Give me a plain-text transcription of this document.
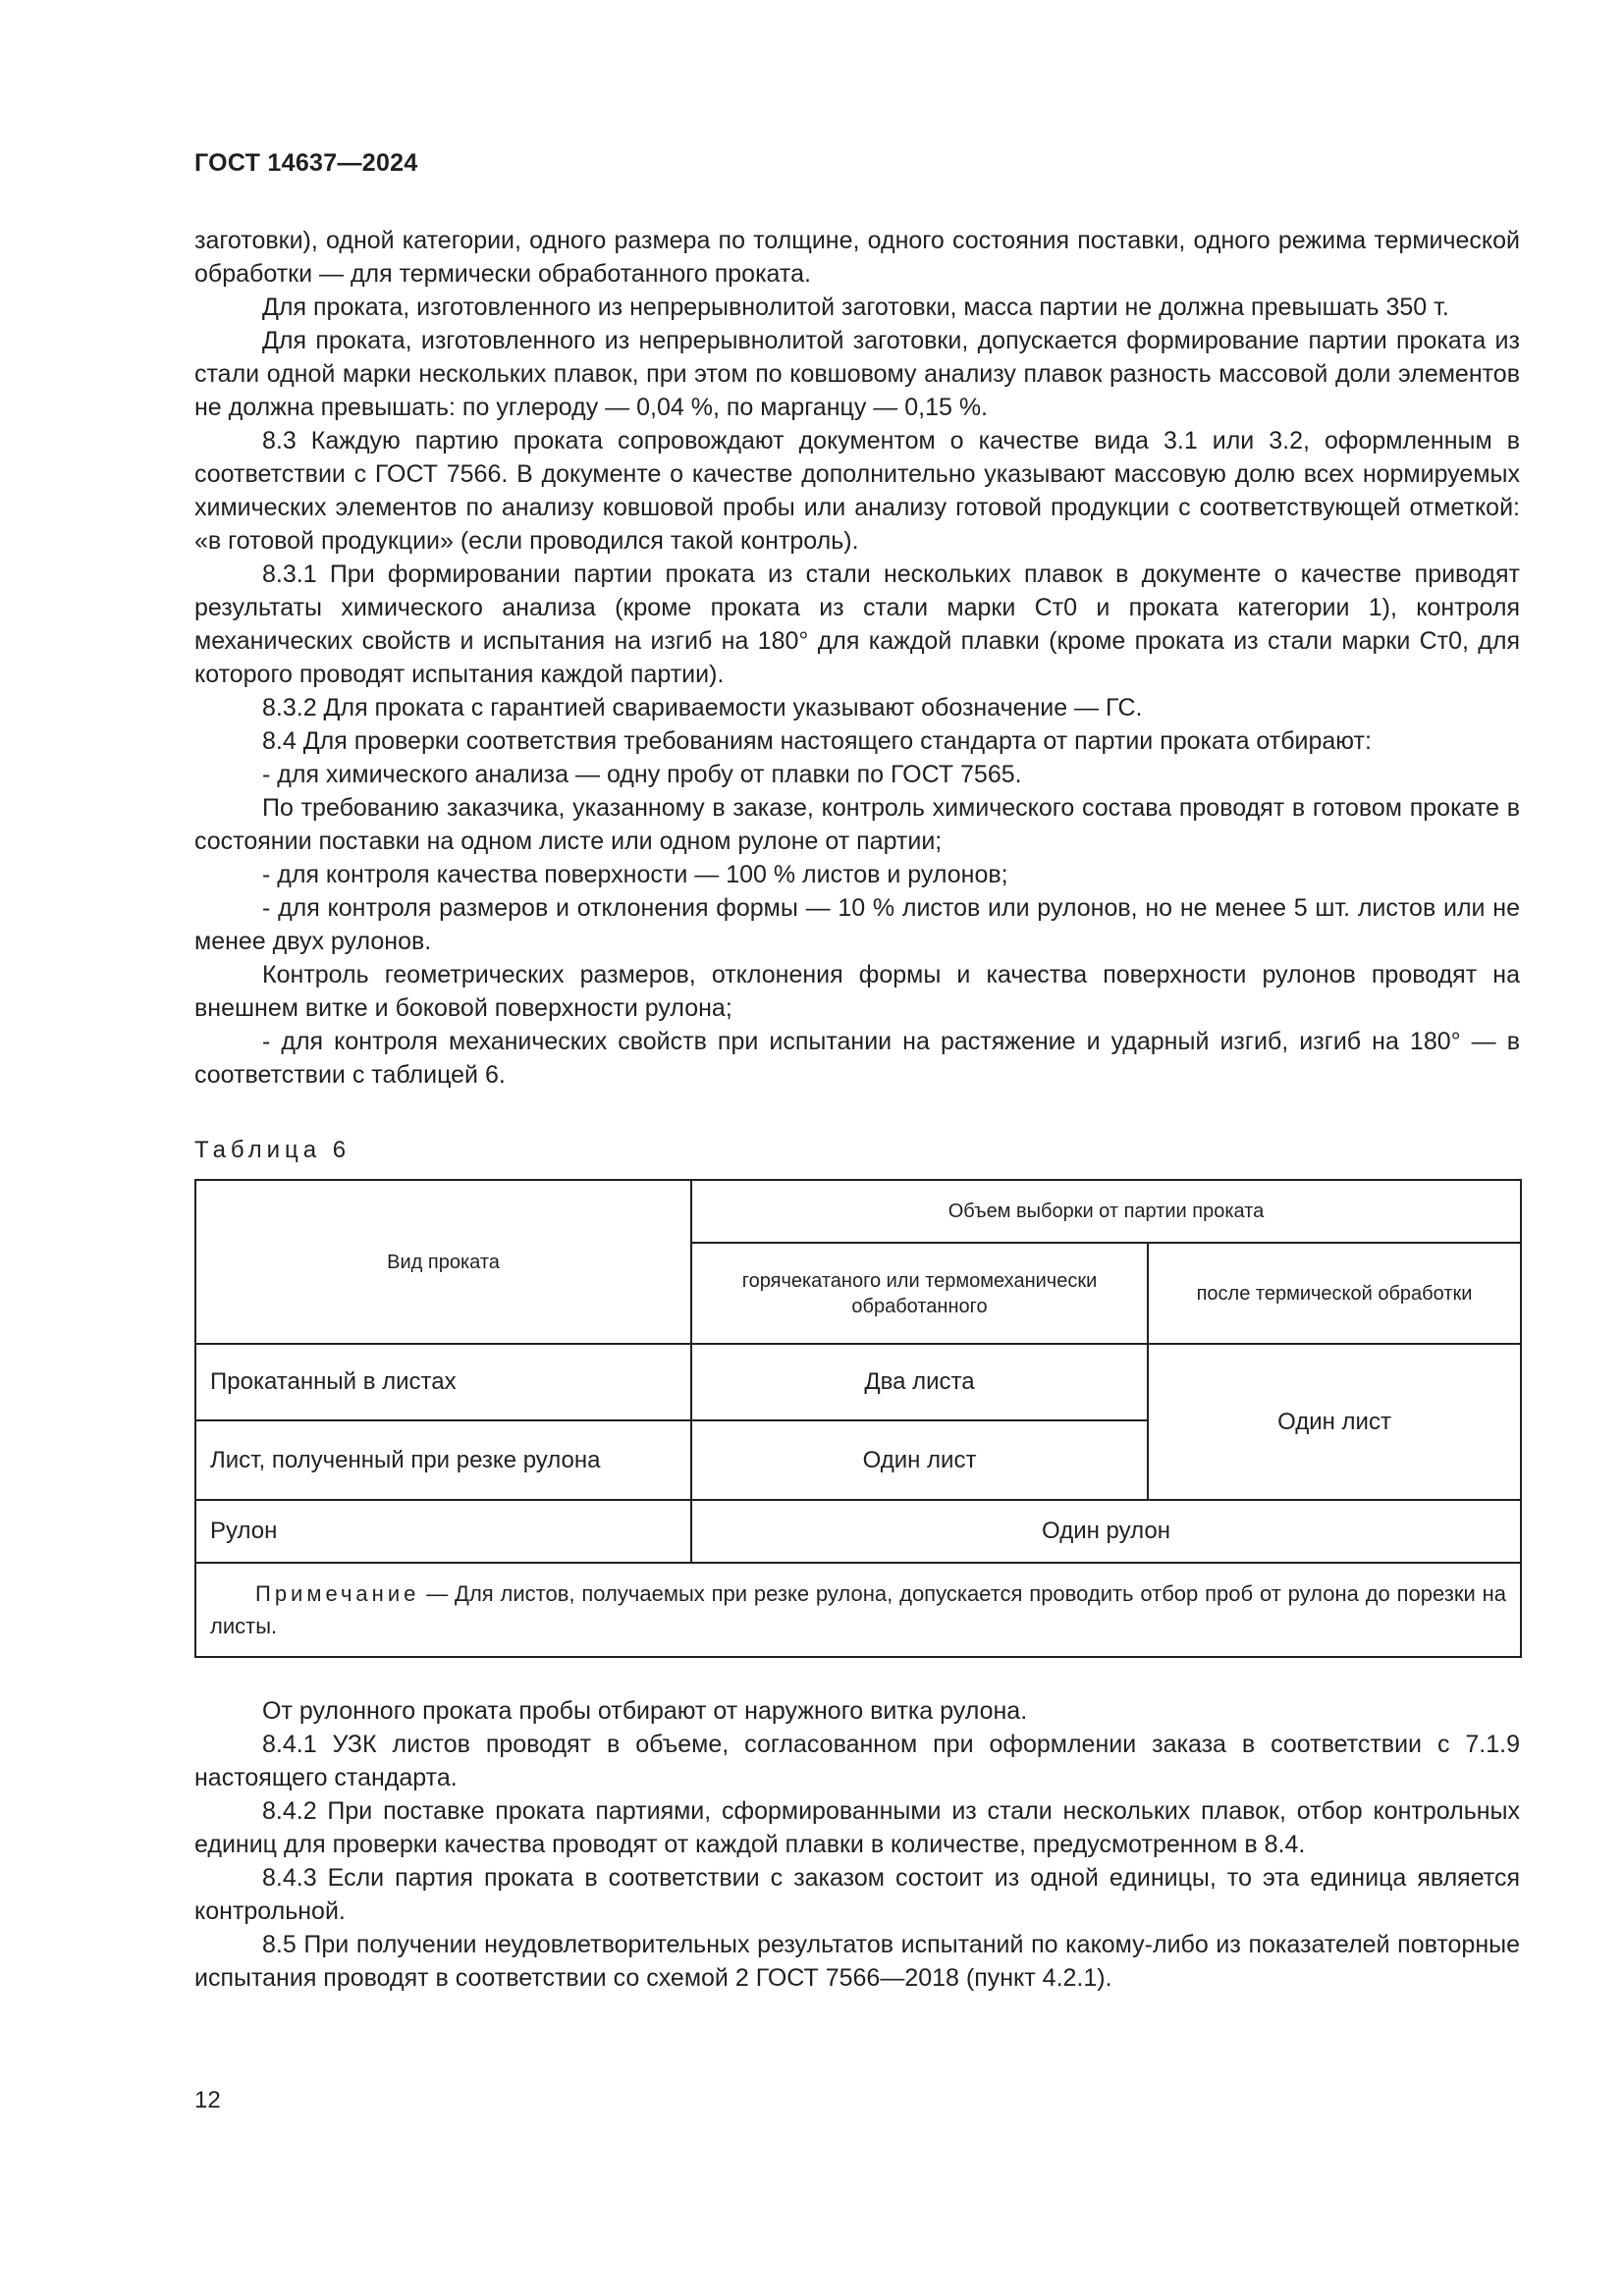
ГОСТ 14637—2024

заготовки), одной категории, одного размера по толщине, одного состояния поставки, одного режима термической обработки — для термически обработанного проката.

Для проката, изготовленного из непрерывнолитой заготовки, масса партии не должна превышать 350 т.

Для проката, изготовленного из непрерывнолитой заготовки, допускается формирование партии проката из стали одной марки нескольких плавок, при этом по ковшовому анализу плавок разность массовой доли элементов не должна превышать: по углероду — 0,04 %, по марганцу — 0,15 %.

8.3 Каждую партию проката сопровождают документом о качестве вида 3.1 или 3.2, оформленным в соответствии с ГОСТ 7566. В документе о качестве дополнительно указывают массовую долю всех нормируемых химических элементов по анализу ковшовой пробы или анализу готовой продукции с соответствующей отметкой: «в готовой продукции» (если проводился такой контроль).

8.3.1 При формировании партии проката из стали нескольких плавок в документе о качестве приводят результаты химического анализа (кроме проката из стали марки Ст0 и проката категории 1), контроля механических свойств и испытания на изгиб на 180° для каждой плавки (кроме проката из стали марки Ст0, для которого проводят испытания каждой партии).

8.3.2 Для проката с гарантией свариваемости указывают обозначение — ГС.

8.4 Для проверки соответствия требованиям настоящего стандарта от партии проката отбирают:

- для химического анализа — одну пробу от плавки по ГОСТ 7565.

По требованию заказчика, указанному в заказе, контроль химического состава проводят в готовом прокате в состоянии поставки на одном листе или одном рулоне от партии;

- для контроля качества поверхности — 100 % листов и рулонов;

- для контроля размеров и отклонения формы — 10 % листов или рулонов, но не менее 5 шт. листов или не менее двух рулонов.

Контроль геометрических размеров, отклонения формы и качества поверхности рулонов проводят на внешнем витке и боковой поверхности рулона;

- для контроля механических свойств при испытании на растяжение и ударный изгиб, изгиб на 180° — в соответствии с таблицей 6.

Таблица 6
Вид проката	Объем выборки от партии проката	
	горячекатаного или термомеханически обработанного	после термической обработки
Прокатанный в листах	Два листа	Один лист
Лист, полученный при резке рулона	Один лист	
Рулон	Один рулон	
Примечание — Для листов, получаемых при резке рулона, допускается проводить отбор проб от рулона до порезки на листы.		

От рулонного проката пробы отбирают от наружного витка рулона.

8.4.1 УЗК листов проводят в объеме, согласованном при оформлении заказа в соответствии с 7.1.9 настоящего стандарта.

8.4.2 При поставке проката партиями, сформированными из стали нескольких плавок, отбор контрольных единиц для проверки качества проводят от каждой плавки в количестве, предусмотренном в 8.4.

8.4.3 Если партия проката в соответствии с заказом состоит из одной единицы, то эта единица является контрольной.

8.5 При получении неудовлетворительных результатов испытаний по какому-либо из показателей повторные испытания проводят в соответствии со схемой 2 ГОСТ 7566—2018 (пункт 4.2.1).

12
